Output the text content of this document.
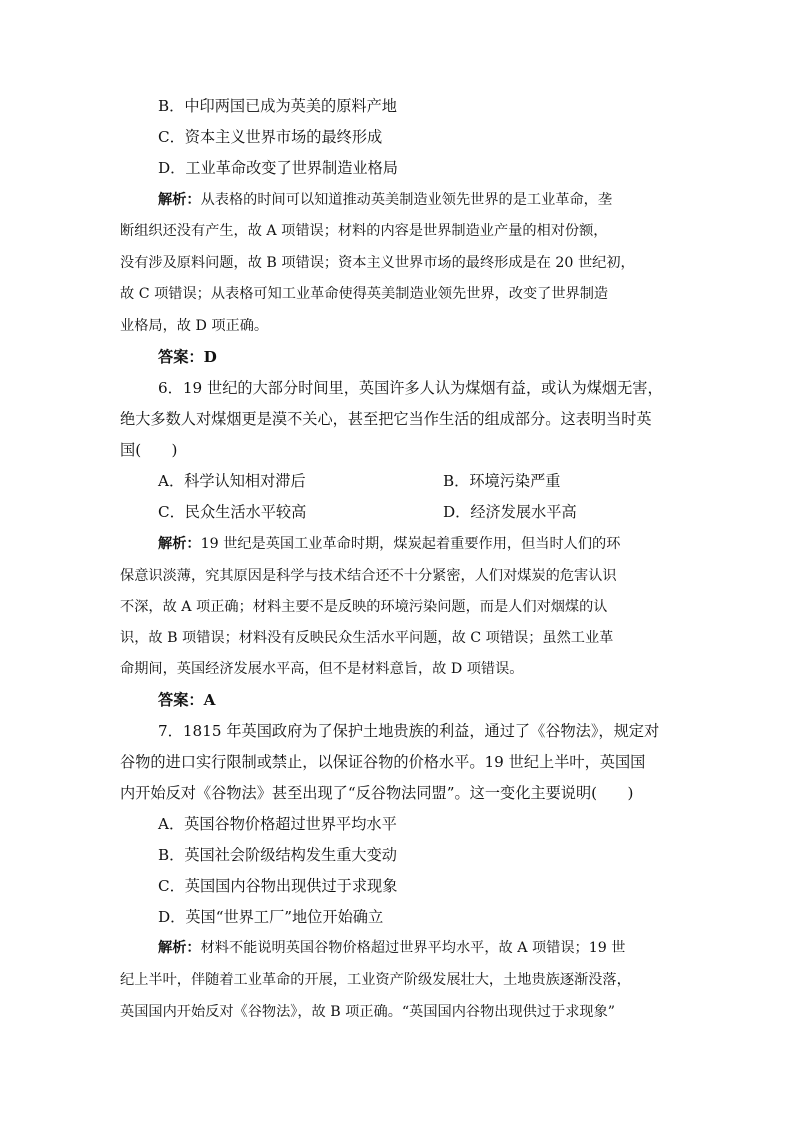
B．中印两国已成为英美的原料产地
C．资本主义世界市场的最终形成
D．工业革命改变了世界制造业格局
解析：从表格的时间可以知道推动英美制造业领先世界的是工业革命，垄
断组织还没有产生，故 A 项错误；材料的内容是世界制造业产量的相对份额，
没有涉及原料问题，故 B 项错误；资本主义世界市场的最终形成是在 20 世纪初，
故 C 项错误；从表格可知工业革命使得英美制造业领先世界，改变了世界制造
业格局，故 D 项正确。
答案：D
6．19 世纪的大部分时间里，英国许多人认为煤烟有益，或认为煤烟无害，
绝大多数人对煤烟更是漠不关心，甚至把它当作生活的组成部分。这表明当时英
国(　　)
A．科学认知相对滞后	B．环境污染严重
C．民众生活水平较高	D．经济发展水平高
解析：19 世纪是英国工业革命时期，煤炭起着重要作用，但当时人们的环
保意识淡薄，究其原因是科学与技术结合还不十分紧密，人们对煤炭的危害认识
不深，故 A 项正确；材料主要不是反映的环境污染问题，而是人们对烟煤的认
识，故 B 项错误；材料没有反映民众生活水平问题，故 C 项错误；虽然工业革
命期间，英国经济发展水平高，但不是材料意旨，故 D 项错误。
答案：A
7．1815 年英国政府为了保护土地贵族的利益，通过了《谷物法》，规定对
谷物的进口实行限制或禁止，以保证谷物的价格水平。19 世纪上半叶，英国国
内开始反对《谷物法》甚至出现了“反谷物法同盟”。这一变化主要说明(　　)
A．英国谷物价格超过世界平均水平
B．英国社会阶级结构发生重大变动
C．英国国内谷物出现供过于求现象
D．英国“世界工厂”地位开始确立
解析：材料不能说明英国谷物价格超过世界平均水平，故 A 项错误；19 世
纪上半叶，伴随着工业革命的开展，工业资产阶级发展壮大，土地贵族逐渐没落，
英国国内开始反对《谷物法》，故 B 项正确。“英国国内谷物出现供过于求现象”
